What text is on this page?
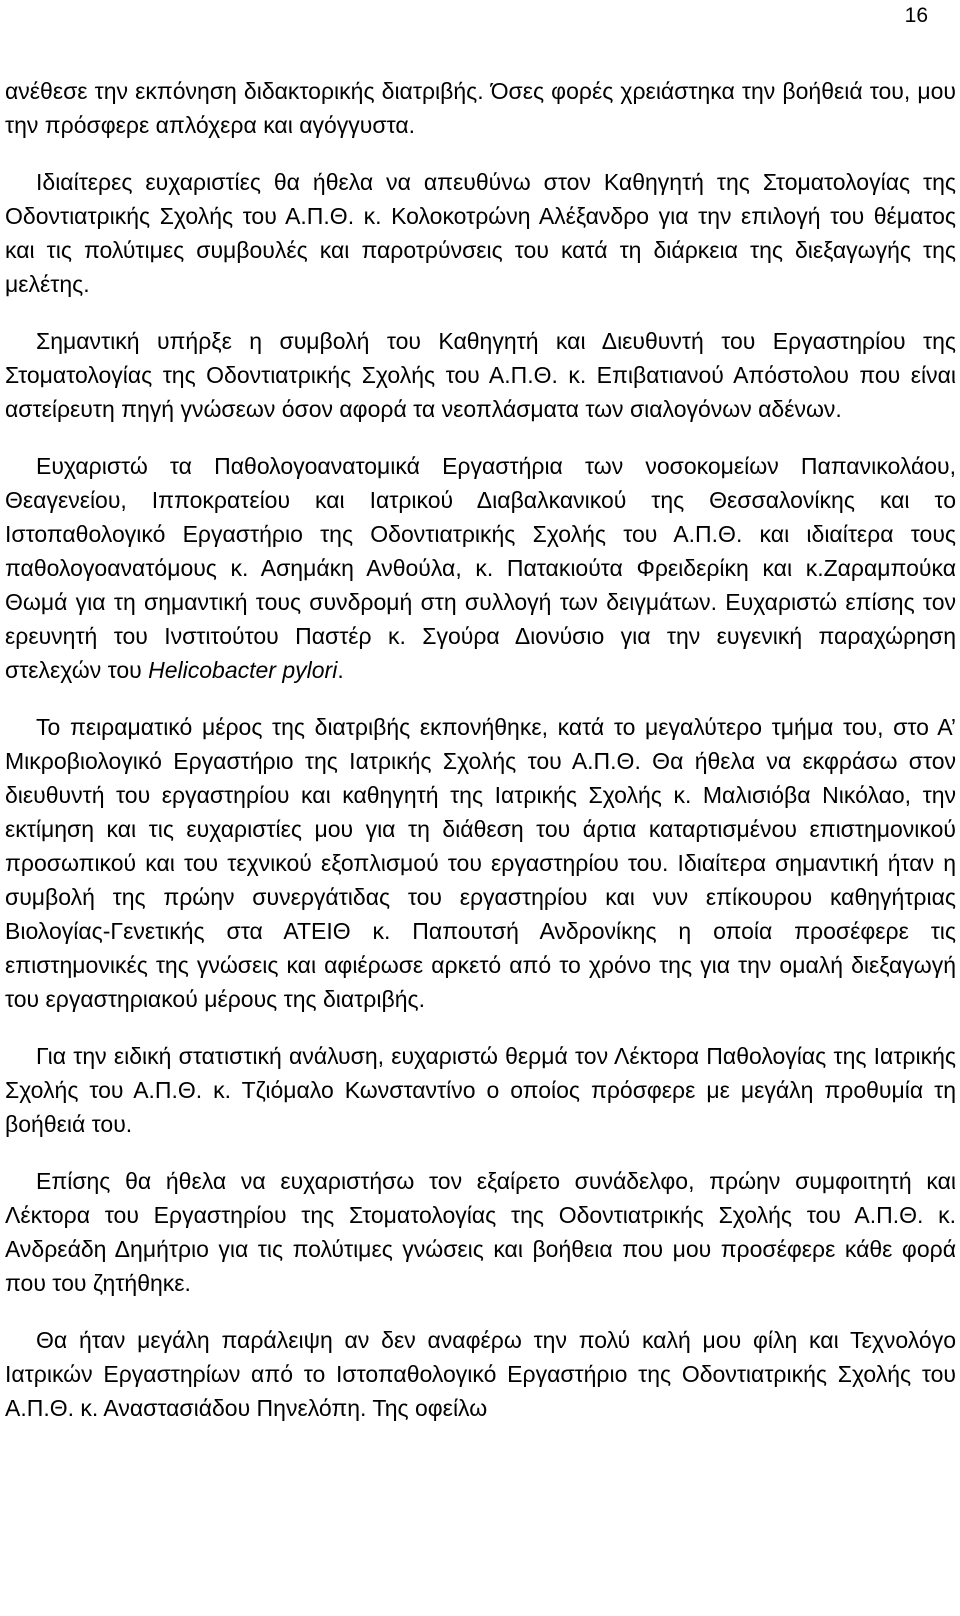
16

ανέθεσε την εκπόνηση διδακτορικής διατριβής. Όσες φορές χρειάστηκα την βοήθειά του, μου την πρόσφερε απλόχερα και αγόγγυστα.

Ιδιαίτερες ευχαριστίες θα ήθελα να απευθύνω στον Καθηγητή της Στοματολογίας της Οδοντιατρικής Σχολής του Α.Π.Θ. κ. Κολοκοτρώνη Αλέξανδρο για την επιλογή του θέματος και τις πολύτιμες συμβουλές και παροτρύνσεις του κατά τη διάρκεια της διεξαγωγής της μελέτης.

Σημαντική υπήρξε η συμβολή του Καθηγητή και Διευθυντή του Εργαστηρίου της Στοματολογίας της Οδοντιατρικής Σχολής του Α.Π.Θ. κ. Επιβατιανού Απόστολου που είναι αστείρευτη πηγή γνώσεων όσον αφορά τα νεοπλάσματα των σιαλογόνων αδένων.

Ευχαριστώ τα Παθολογοανατομικά Εργαστήρια των νοσοκομείων Παπανικολάου, Θεαγενείου, Ιπποκρατείου και Ιατρικού Διαβαλκανικού της Θεσσαλονίκης και το Ιστοπαθολογικό Εργαστήριο της Οδοντιατρικής Σχολής του Α.Π.Θ. και ιδιαίτερα τους παθολογοανατόμους κ. Ασημάκη Ανθούλα, κ. Πατακιούτα Φρειδερίκη και κ.Ζαραμπούκα Θωμά για τη σημαντική τους συνδρομή στη συλλογή των δειγμάτων. Ευχαριστώ επίσης τον ερευνητή του Ινστιτούτου Παστέρ κ. Σγούρα Διονύσιο για την ευγενική παραχώρηση στελεχών του Helicobacter pylori.

Το πειραματικό μέρος της διατριβής εκπονήθηκε, κατά το μεγαλύτερο τμήμα του, στο Α’ Μικροβιολογικό Εργαστήριο της Ιατρικής Σχολής του Α.Π.Θ. Θα ήθελα να εκφράσω στον διευθυντή του εργαστηρίου και καθηγητή της Ιατρικής Σχολής κ. Μαλισιόβα Νικόλαο, την εκτίμηση και τις ευχαριστίες μου για τη διάθεση του άρτια καταρτισμένου επιστημονικού προσωπικού και του τεχνικού εξοπλισμού του εργαστηρίου του. Ιδιαίτερα σημαντική ήταν η συμβολή της πρώην συνεργάτιδας του εργαστηρίου και νυν επίκουρου καθηγήτριας Βιολογίας-Γενετικής στα ΑΤΕΙΘ κ. Παπουτσή Ανδρονίκης η οποία προσέφερε τις επιστημονικές της γνώσεις και αφιέρωσε αρκετό από το χρόνο της για την ομαλή διεξαγωγή του εργαστηριακού μέρους της διατριβής.

Για την ειδική στατιστική ανάλυση, ευχαριστώ θερμά τον Λέκτορα Παθολογίας της Ιατρικής Σχολής του Α.Π.Θ. κ. Τζιόμαλο Κωνσταντίνο ο οποίος πρόσφερε με μεγάλη προθυμία τη βοήθειά του.

Επίσης θα ήθελα να ευχαριστήσω τον εξαίρετο συνάδελφο, πρώην συμφοιτητή και Λέκτορα του Εργαστηρίου της Στοματολογίας της Οδοντιατρικής Σχολής του Α.Π.Θ. κ. Ανδρεάδη Δημήτριο για τις πολύτιμες γνώσεις και βοήθεια που μου προσέφερε κάθε φορά που του ζητήθηκε.

Θα ήταν μεγάλη παράλειψη αν δεν αναφέρω την πολύ καλή μου φίλη και Τεχνολόγο Ιατρικών Εργαστηρίων από το Ιστοπαθολογικό Εργαστήριο της Οδοντιατρικής Σχολής του Α.Π.Θ. κ. Αναστασιάδου Πηνελόπη. Της οφείλω
